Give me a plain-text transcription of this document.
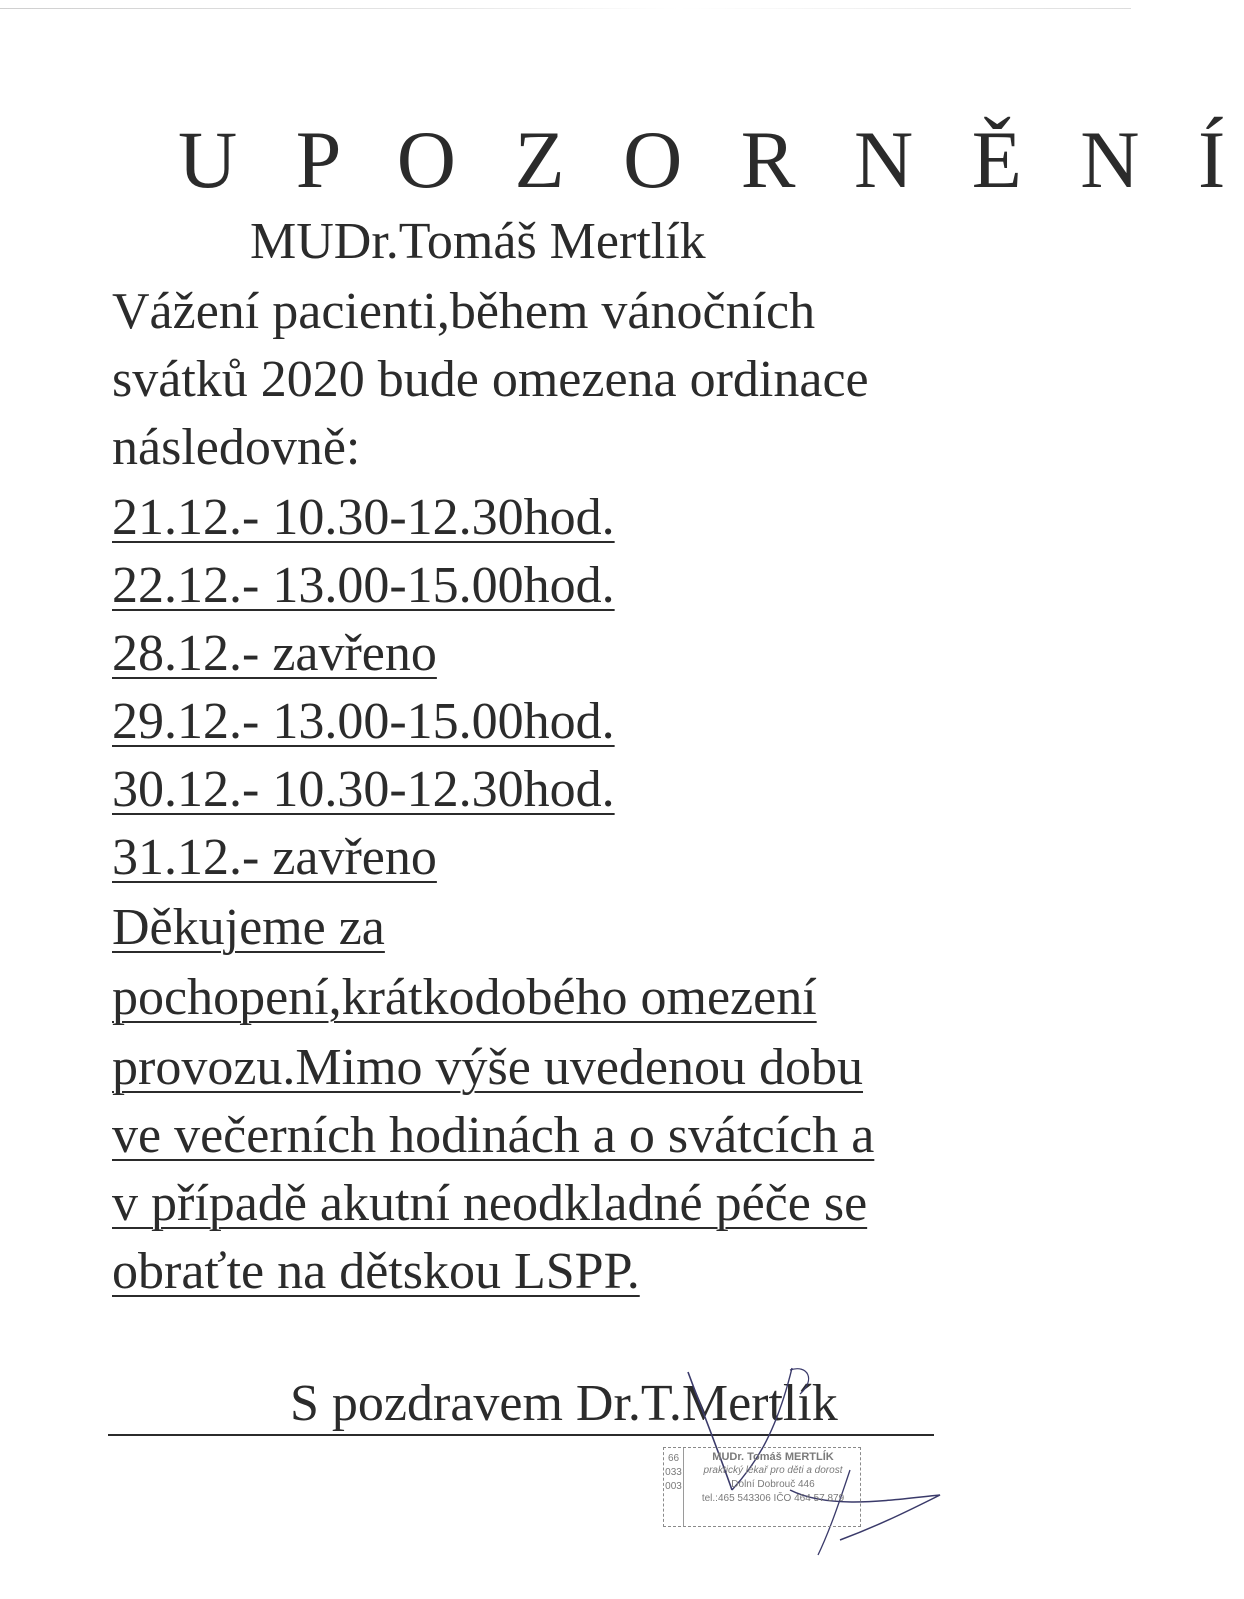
U P O Z O R N Ě N Í
MUDr.Tomáš Mertlík
Vážení pacienti,během vánočních
svátků 2020 bude omezena ordinace
následovně:
21.12.- 10.30-12.30hod.
22.12.- 13.00-15.00hod.
28.12.- zavřeno
29.12.- 13.00-15.00hod.
30.12.- 10.30-12.30hod.
31.12.- zavřeno
Děkujeme za
pochopení,krátkodobého omezení
provozu.Mimo výše uvedenou dobu
ve večerních hodinách a o svátcích a
v případě akutní neodkladné péče se
obraťte na dětskou LSPP.
S pozdravem Dr.T.Mertlík
66
033
003
MUDr. Tomáš MERTLÍK
praktický lékař pro děti a dorost
Dolní Dobrouč 446
tel.:465 543306 IČO 464 57 879
